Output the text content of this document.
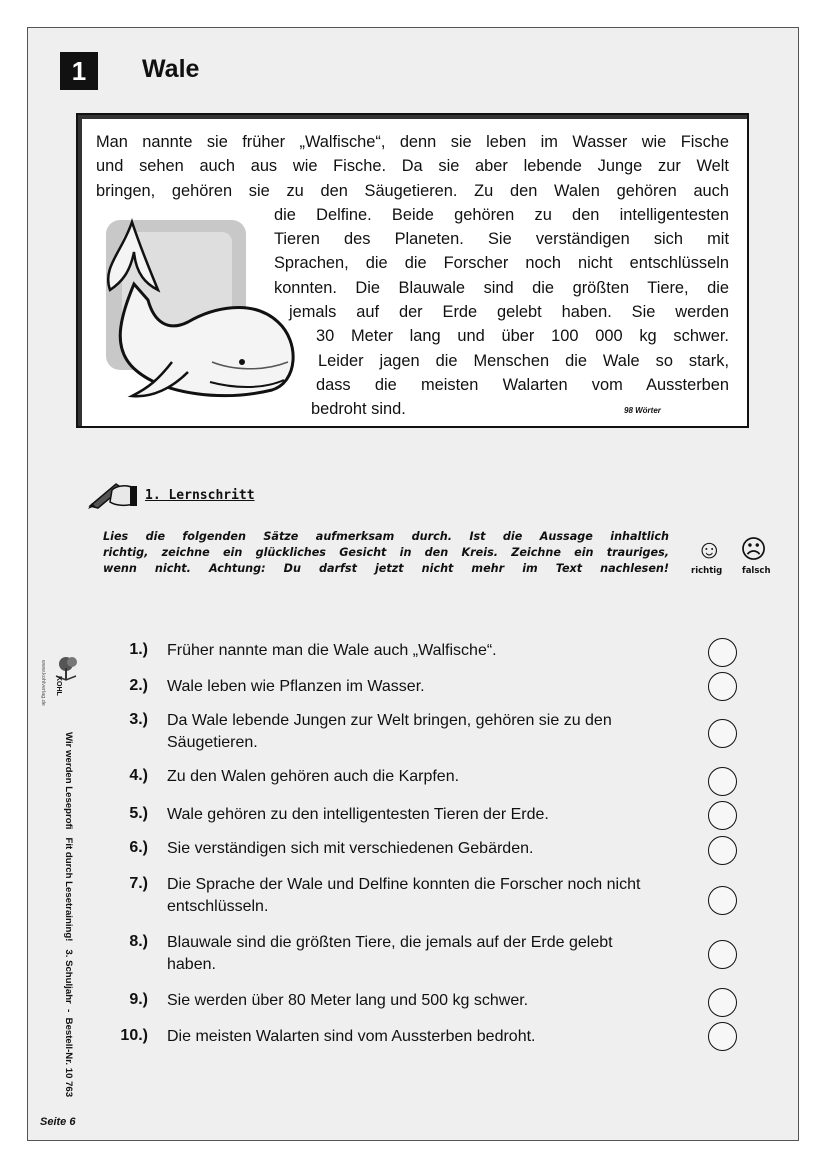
1	Wale
Man nannte sie früher „Walfische“, denn sie leben im Wasser wie Fische
und sehen auch aus wie Fische. Da sie aber lebende Junge zur Welt
bringen, gehören sie zu den Säugetieren. Zu den Walen gehören auch
die Delfine. Beide gehören zu den intelligentesten
Tieren des Planeten. Sie verständigen sich mit
Sprachen, die die Forscher noch nicht entschlüsseln
konnten. Die Blauwale sind die größten Tiere, die
jemals auf der Erde gelebt haben. Sie werden
30 Meter lang und über 100 000 kg schwer.
Leider jagen die Menschen die Wale so stark,
dass die meisten Walarten vom Aussterben
bedroht sind.	98 Wörter
1. Lernschritt
Lies die folgenden Sätze aufmerksam durch. Ist die Aussage inhaltlich
richtig, zeichne ein glückliches Gesicht in den Kreis. Zeichne ein trauriges,
wenn nicht. Achtung: Du darfst jetzt nicht mehr im Text nachlesen!
☺ ☹
richtig falsch
1.) Früher nannte man die Wale auch „Walfische“.
2.) Wale leben wie Pflanzen im Wasser.
3.) Da Wale lebende Jungen zur Welt bringen, gehören sie zu den Säugetieren.
4.) Zu den Walen gehören auch die Karpfen.
5.) Wale gehören zu den intelligentesten Tieren der Erde.
6.) Sie verständigen sich mit verschiedenen Gebärden.
7.) Die Sprache der Wale und Delfine konnten die Forscher noch nicht entschlüsseln.
8.) Blauwale sind die größten Tiere, die jemals auf der Erde gelebt haben.
9.) Sie werden über 80 Meter lang und 500 kg schwer.
10.) Die meisten Walarten sind vom Aussterben bedroht.
KOHL
www.kohlverlag.de
Wir werden Leseprofi   Fit durch Lesetraining!   3. Schuljahr  -  Bestell-Nr. 10 763
Seite 6
